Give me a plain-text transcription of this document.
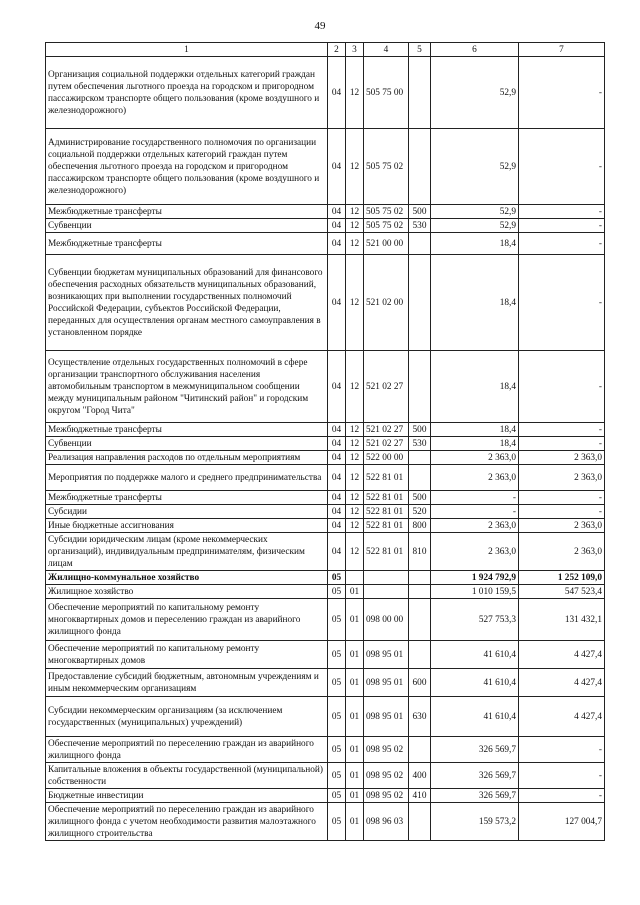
49
1	2	3	4	5	6	7
Организация социальной поддержки отдельных категорий граждан путем обеспечения льготного проезда на городском и пригородном пассажирском транспорте общего пользования (кроме воздушного и железнодорожного)	04	12	505 75 00		52,9	-
Администрирование государственного полномочия по организации социальной поддержки отдельных категорий граждан путем обеспечения льготного проезда на городском и пригородном пассажирском транспорте общего пользования (кроме воздушного и железнодорожного)	04	12	505 75 02		52,9	-
Межбюджетные трансферты	04	12	505 75 02	500	52,9	-
Субвенции	04	12	505 75 02	530	52,9	-
Межбюджетные трансферты	04	12	521 00 00		18,4	-
Субвенции бюджетам муниципальных образований для финансового обеспечения расходных обязательств муниципальных образований, возникающих при выполнении государственных полномочий Российской Федерации, субъектов Российской Федерации, переданных для осуществления органам местного самоуправления в установленном порядке	04	12	521 02 00		18,4	-
Осуществление отдельных государственных полномочий в сфере организации транспортного обслуживания населения автомобильным транспортом в межмуниципальном сообщении между муниципальным районом "Читинский район" и городским округом "Город Чита"	04	12	521 02 27		18,4	-
Межбюджетные трансферты	04	12	521 02 27	500	18,4	-
Субвенции	04	12	521 02 27	530	18,4	-
Реализация направления расходов по отдельным мероприятиям	04	12	522 00 00		2 363,0	2 363,0
Мероприятия по поддержке малого и среднего предпринимательства	04	12	522 81 01		2 363,0	2 363,0
Межбюджетные трансферты	04	12	522 81 01	500	-	-
Субсидии	04	12	522 81 01	520	-	-
Иные бюджетные ассигнования	04	12	522 81 01	800	2 363,0	2 363,0
Субсидии юридическим лицам (кроме некоммерческих организаций), индивидуальным предпринимателям, физическим лицам	04	12	522 81 01	810	2 363,0	2 363,0
Жилищно-коммунальное хозяйство	05				1 924 792,9	1 252 109,0
Жилищное хозяйство	05	01			1 010 159,5	547 523,4
Обеспечение мероприятий по капитальному ремонту многоквартирных домов и переселению граждан из аварийного жилищного фонда	05	01	098 00 00		527 753,3	131 432,1
Обеспечение мероприятий по капитальному ремонту многоквартирных домов	05	01	098 95 01		41 610,4	4 427,4
Предоставление субсидий бюджетным, автономным учреждениям и иным некоммерческим организациям	05	01	098 95 01	600	41 610,4	4 427,4
Субсидии некоммерческим организациям (за исключением государственных (муниципальных) учреждений)	05	01	098 95 01	630	41 610,4	4 427,4
Обеспечение мероприятий по переселению граждан из аварийного жилищного фонда	05	01	098 95 02		326 569,7	-
Капитальные вложения в объекты государственной (муниципальной) собственности	05	01	098 95 02	400	326 569,7	-
Бюджетные инвестиции	05	01	098 95 02	410	326 569,7	-
Обеспечение мероприятий по переселению граждан из аварийного жилищного фонда с учетом необходимости развития малоэтажного жилищного строительства	05	01	098 96 03		159 573,2	127 004,7
